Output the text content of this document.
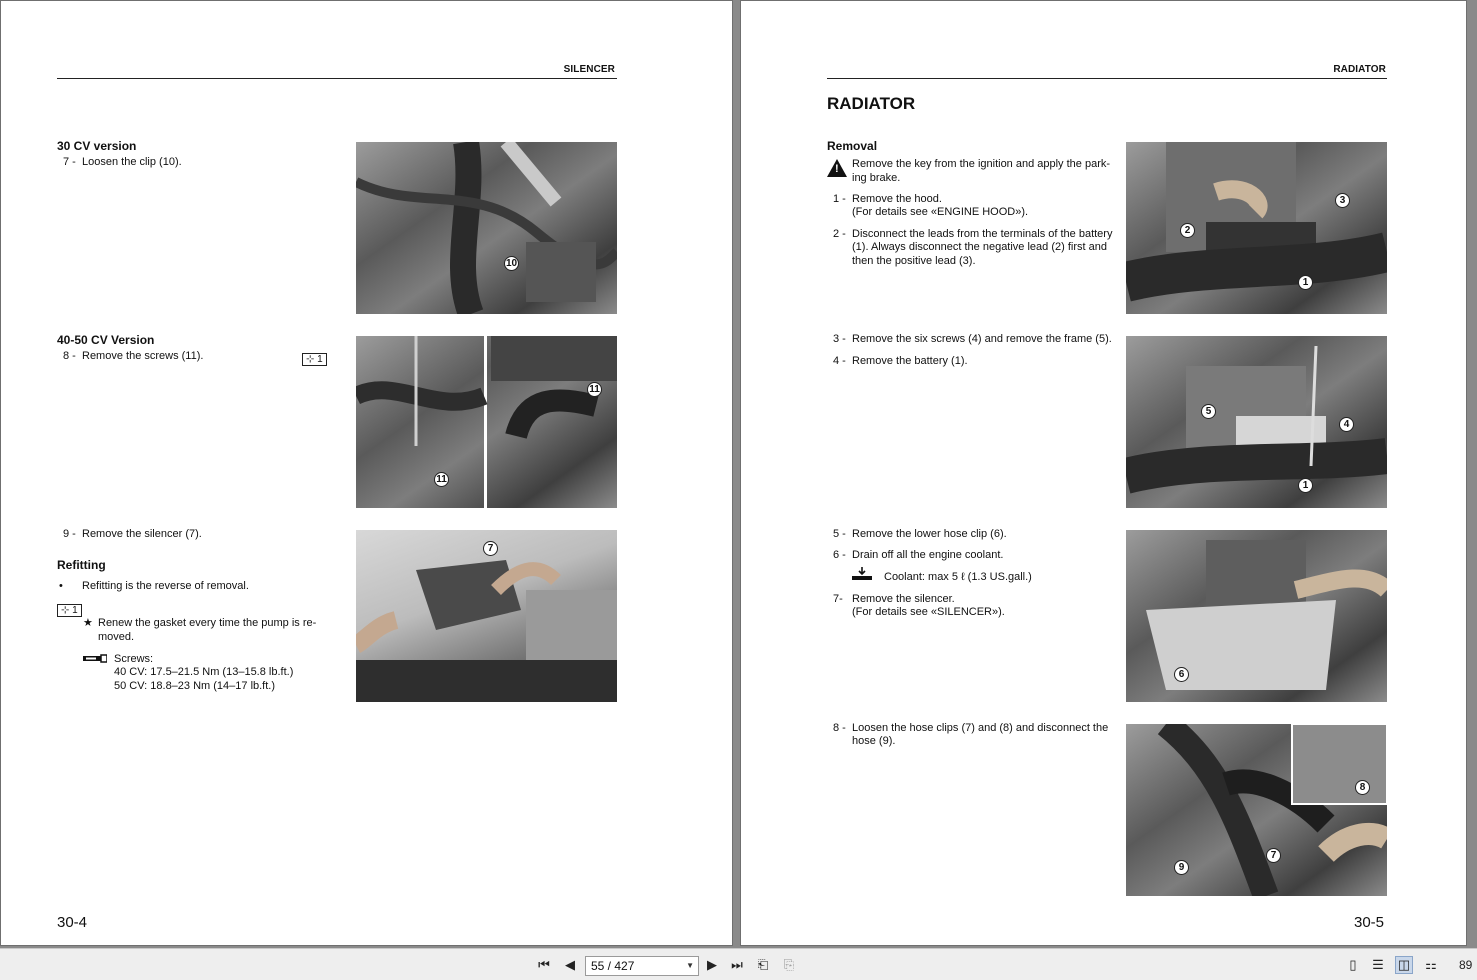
SILENCER
30 CV version
7 - Loosen the clip (10).
10
40-50 CV Version
8 - Remove the screws (11).	⊹ 1
11
11
9 - Remove the silencer (7).
Refitting
• Refitting is the reverse of removal.
⊹ 1
★ Renew the gasket every time the pump is re-
moved.
Screws:
40 CV: 17.5–21.5 Nm (13–15.8 lb.ft.)
50 CV: 18.8–23 Nm (14–17 lb.ft.)
7
30-4
RADIATOR
RADIATOR
Removal
! Remove the key from the ignition and apply the park-
ing brake.
1 - Remove the hood.
(For details see «ENGINE HOOD»).
2 - Disconnect the leads from the terminals of the battery
(1). Always disconnect the negative lead (2) first and
then the positive lead (3).
3
2
1
3 - Remove the six screws (4) and remove the frame (5).
4 - Remove the battery (1).
5
4
1
5 - Remove the lower hose clip (6).
6 - Drain off all the engine coolant.
Coolant: max 5 ℓ (1.3 US.gall.)
7- Remove the silencer.
(For details see «SILENCER»).
6
8 - Loosen the hose clips (7) and (8) and disconnect the
hose (9).
8
9
7
30-5
⏮ ◀	55 / 427	▼ ▶ ⏭ ⎗ ⎘	▯	☰ ◫ ⚏ 89
